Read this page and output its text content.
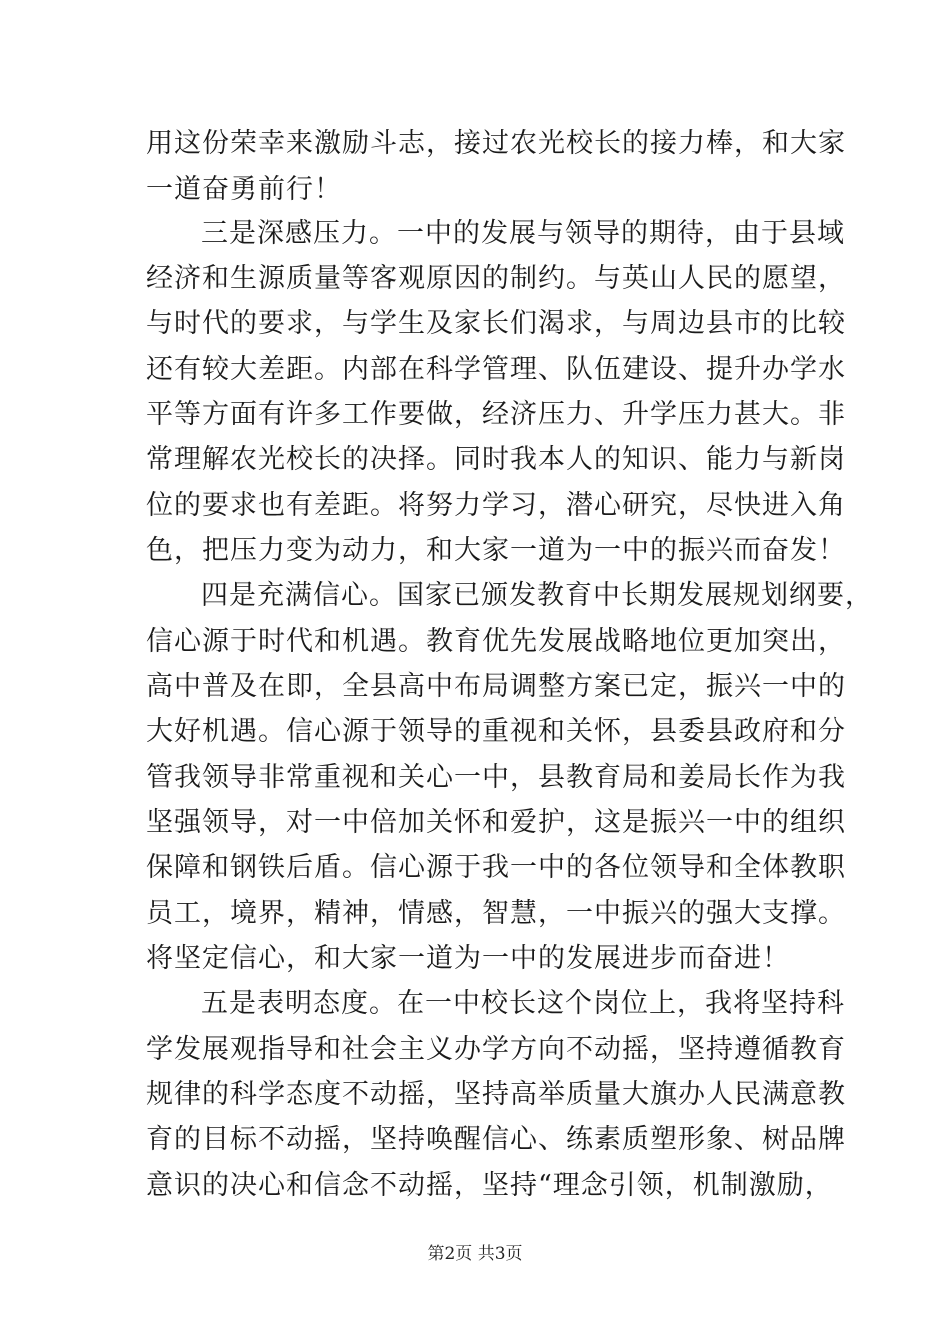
用这份荣幸来激励斗志，接过农光校长的接力棒，和大家
一道奋勇前行！
三是深感压力。一中的发展与领导的期待，由于县域
经济和生源质量等客观原因的制约。与英山人民的愿望，
与时代的要求，与学生及家长们渴求，与周边县市的比较
还有较大差距。内部在科学管理、队伍建设、提升办学水
平等方面有许多工作要做，经济压力、升学压力甚大。非
常理解农光校长的决择。同时我本人的知识、能力与新岗
位的要求也有差距。将努力学习，潜心研究，尽快进入角
色，把压力变为动力，和大家一道为一中的振兴而奋发！
四是充满信心。国家已颁发教育中长期发展规划纲要，
信心源于时代和机遇。教育优先发展战略地位更加突出，
高中普及在即，全县高中布局调整方案已定，振兴一中的
大好机遇。信心源于领导的重视和关怀，县委县政府和分
管我领导非常重视和关心一中，县教育局和姜局长作为我
坚强领导，对一中倍加关怀和爱护，这是振兴一中的组织
保障和钢铁后盾。信心源于我一中的各位领导和全体教职
员工，境界，精神，情感，智慧，一中振兴的强大支撑。
将坚定信心，和大家一道为一中的发展进步而奋进！
五是表明态度。在一中校长这个岗位上，我将坚持科
学发展观指导和社会主义办学方向不动摇，坚持遵循教育
规律的科学态度不动摇，坚持高举质量大旗办人民满意教
育的目标不动摇，坚持唤醒信心、练素质塑形象、树品牌
意识的决心和信念不动摇，坚持“理念引领，机制激励，
第2页 共3页
